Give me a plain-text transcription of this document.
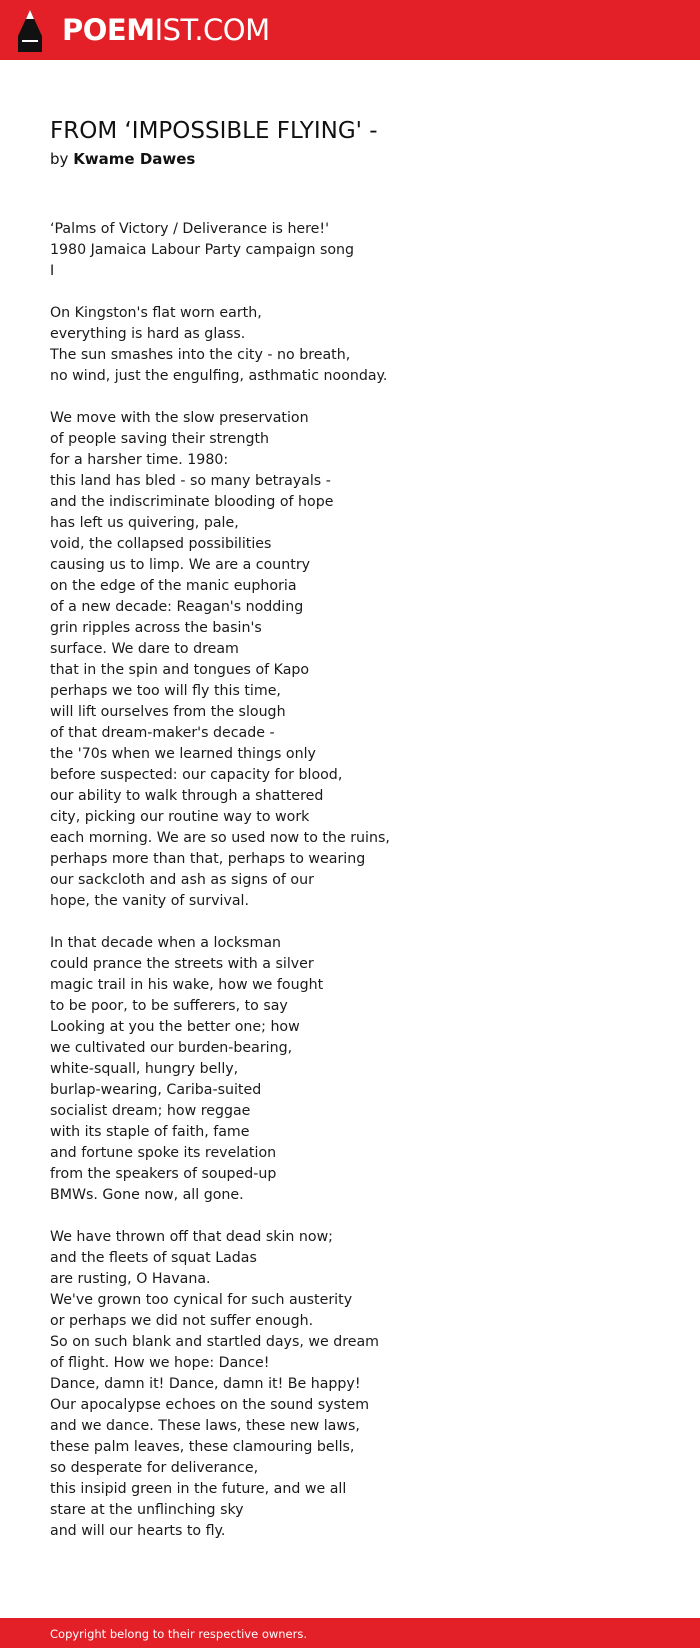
POEMIST.COM
FROM ‘IMPOSSIBLE FLYING' -
by Kwame Dawes
‘Palms of Victory / Deliverance is here!'
1980 Jamaica Labour Party campaign song
I
On Kingston's flat worn earth,
everything is hard as glass.
The sun smashes into the city - no breath,
no wind, just the engulfing, asthmatic noonday.
We move with the slow preservation
of people saving their strength
for a harsher time. 1980:
this land has bled - so many betrayals -
and the indiscriminate blooding of hope
has left us quivering, pale,
void, the collapsed possibilities
causing us to limp. We are a country
on the edge of the manic euphoria
of a new decade: Reagan's nodding
grin ripples across the basin's
surface. We dare to dream
that in the spin and tongues of Kapo
perhaps we too will fly this time,
will lift ourselves from the slough
of that dream-maker's decade -
the '70s when we learned things only
before suspected: our capacity for blood,
our ability to walk through a shattered
city, picking our routine way to work
each morning. We are so used now to the ruins,
perhaps more than that, perhaps to wearing
our sackcloth and ash as signs of our
hope, the vanity of survival.
In that decade when a locksman
could prance the streets with a silver
magic trail in his wake, how we fought
to be poor, to be sufferers, to say
Looking at you the better one; how
we cultivated our burden-bearing,
white-squall, hungry belly,
burlap-wearing, Cariba-suited
socialist dream; how reggae
with its staple of faith, fame
and fortune spoke its revelation
from the speakers of souped-up
BMWs. Gone now, all gone.
We have thrown off that dead skin now;
and the fleets of squat Ladas
are rusting, O Havana.
We've grown too cynical for such austerity
or perhaps we did not suffer enough.
So on such blank and startled days, we dream
of flight. How we hope: Dance!
Dance, damn it! Dance, damn it! Be happy!
Our apocalypse echoes on the sound system
and we dance. These laws, these new laws,
these palm leaves, these clamouring bells,
so desperate for deliverance,
this insipid green in the future, and we all
stare at the unflinching sky
and will our hearts to fly.
Copyright belong to their respective owners.
